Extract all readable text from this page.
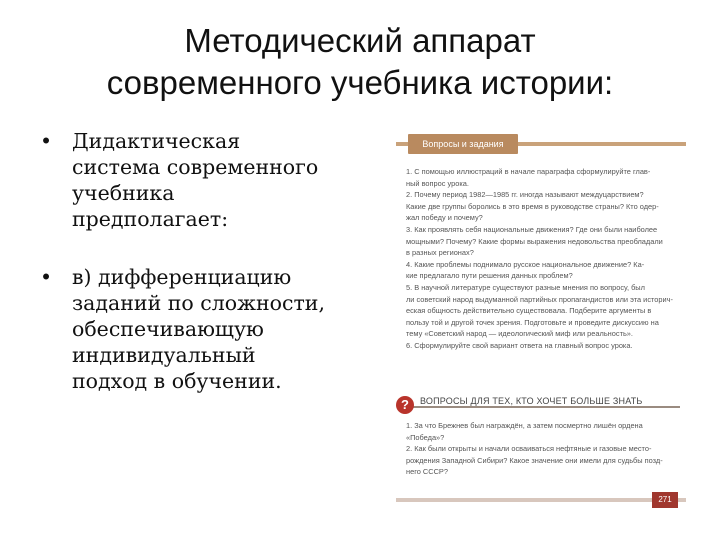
Методический аппарат
современного учебника истории:
• Дидактическая
система современного
учебника
предполагает:
• в) дифференциацию
заданий по сложности,
обеспечивающую
индивидуальный
подход в обучении.
Вопросы и задания
1. С помощью иллюстраций в начале параграфа сформулируйте глав-
ный вопрос урока.
2. Почему период 1982—1985 гг. иногда называют междуцарствием?
Какие две группы боролись в это время в руководстве страны? Кто одер-
жал победу и почему?
3. Как проявлять себя национальные движения? Где они были наиболее
мощными? Почему? Какие формы выражения недовольства преобладали
в разных регионах?
4. Какие проблемы поднимало русское национальное движение? Ка-
кие предлагало пути решения данных проблем?
5. В научной литературе существуют разные мнения по вопросу, был
ли советский народ выдуманной партийных пропагандистов или эта историч-
еская общность действительно существовала. Подберите аргументы в
пользу той и другой точек зрения. Подготовьте и проведите дискуссию на
тему «Советский народ — идеологический миф или реальность».
6. Сформулируйте свой вариант ответа на главный вопрос урока.
?	ВОПРОСЫ ДЛЯ ТЕХ, КТО ХОЧЕТ БОЛЬШЕ ЗНАТЬ
1. За что Брежнев был награждён, а затем посмертно лишён ордена
«Победа»?
2. Как были открыты и начали осваиваться нефтяные и газовые место-
рождения Западной Сибири? Какое значение они имели для судьбы позд-
него СССР?
271
